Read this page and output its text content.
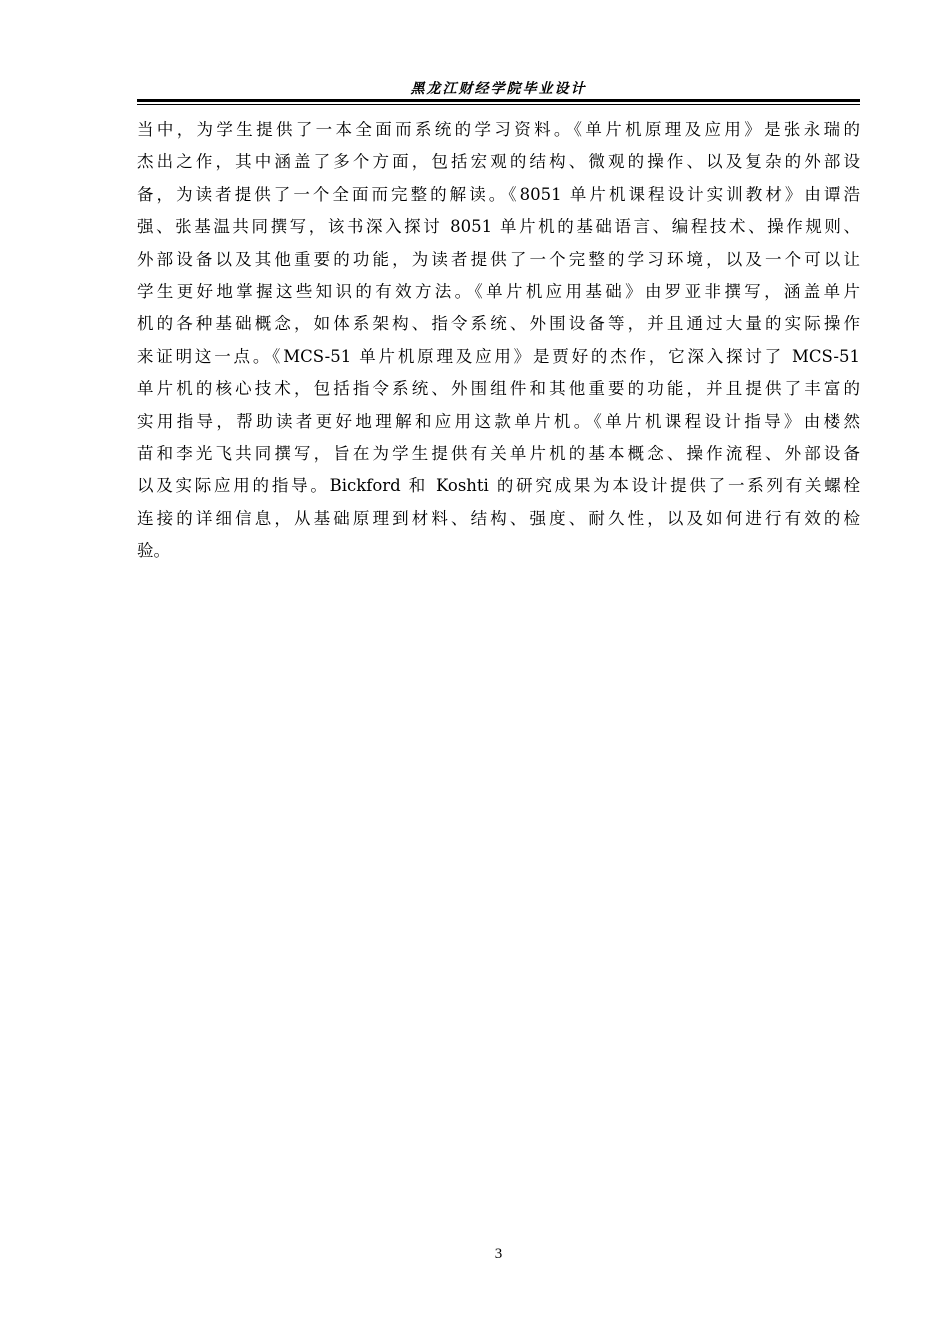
黑龙江财经学院毕业设计
当中，为学生提供了一本全面而系统的学习资料。《单片机原理及应用》是张永瑞的
杰出之作，其中涵盖了多个方面，包括宏观的结构、微观的操作、以及复杂的外部设
备，为读者提供了一个全面而完整的解读。《8051 单片机课程设计实训教材》由谭浩
强、张基温共同撰写，该书深入探讨 8051 单片机的基础语言、编程技术、操作规则、
外部设备以及其他重要的功能，为读者提供了一个完整的学习环境，以及一个可以让
学生更好地掌握这些知识的有效方法。《单片机应用基础》由罗亚非撰写，涵盖单片
机的各种基础概念，如体系架构、指令系统、外围设备等，并且通过大量的实际操作
来证明这一点。《MCS-51 单片机原理及应用》是贾好的杰作，它深入探讨了 MCS-51
单片机的核心技术，包括指令系统、外围组件和其他重要的功能，并且提供了丰富的
实用指导，帮助读者更好地理解和应用这款单片机。《单片机课程设计指导》由楼然
苗和李光飞共同撰写，旨在为学生提供有关单片机的基本概念、操作流程、外部设备
以及实际应用的指导。Bickford 和 Koshti 的研究成果为本设计提供了一系列有关螺栓
连接的详细信息，从基础原理到材料、结构、强度、耐久性，以及如何进行有效的检
验。
3
